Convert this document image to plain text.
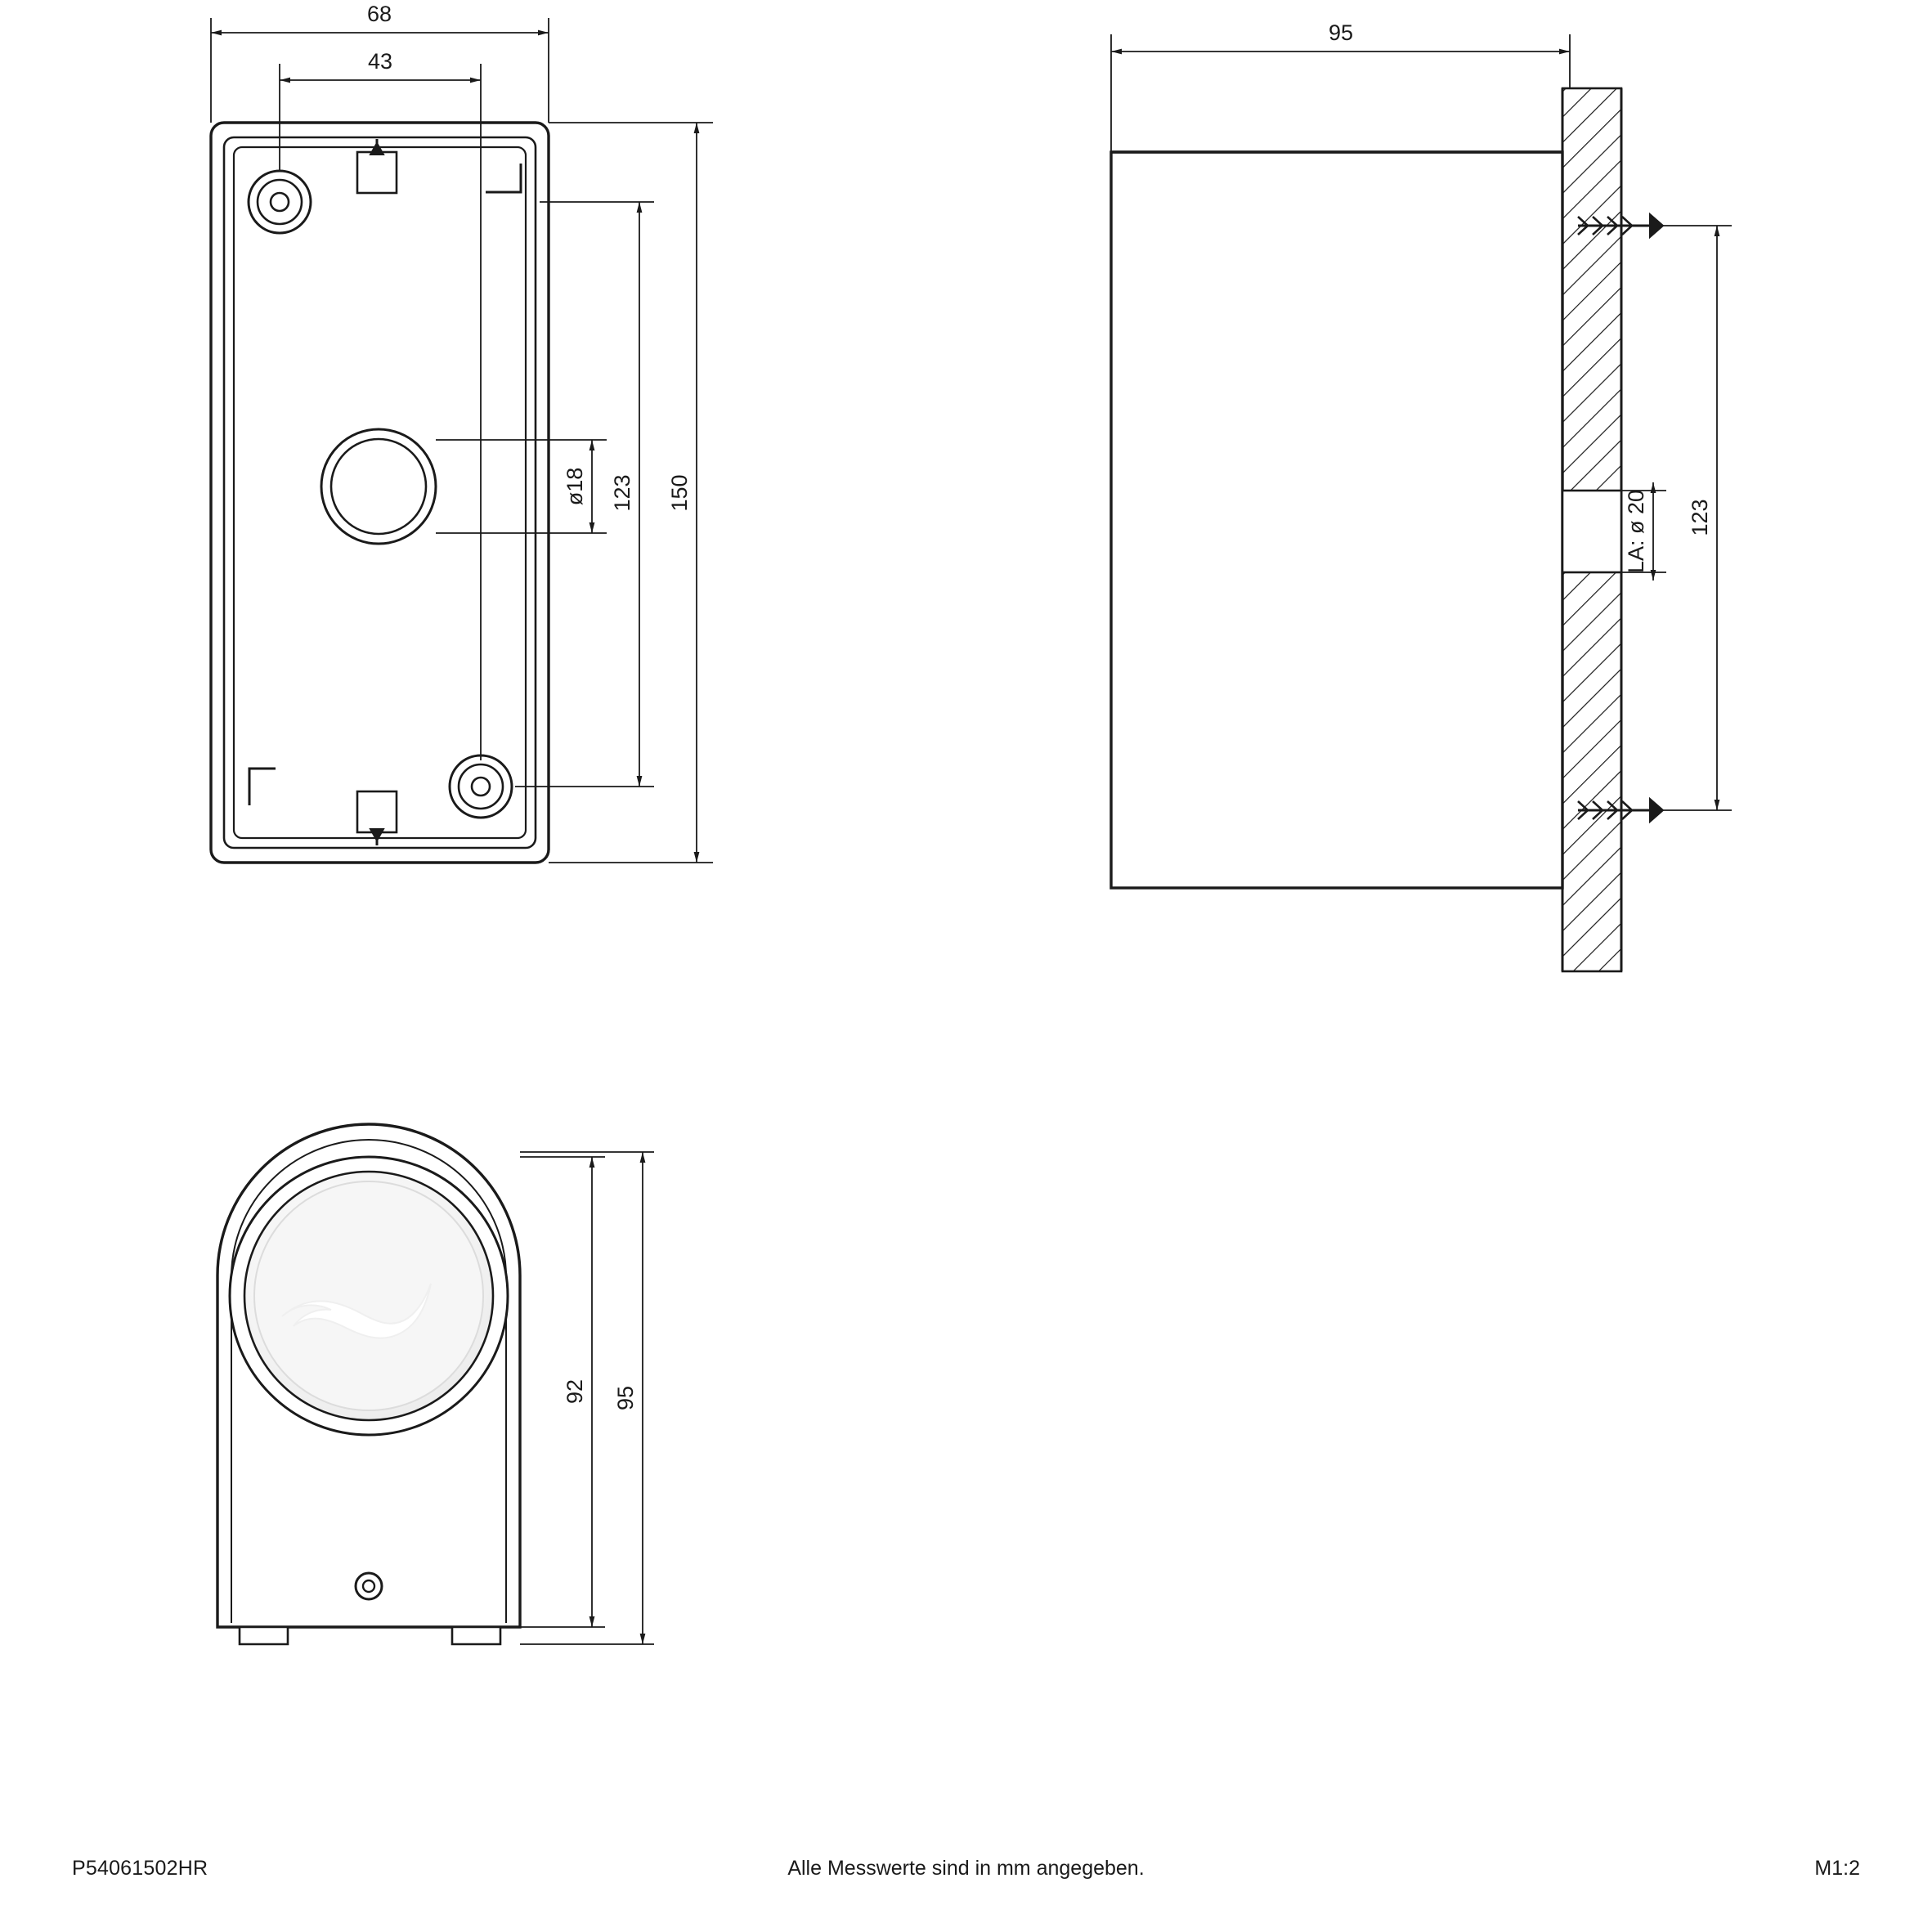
68
43
150
123
ø18
95
123
LA: ø 20
92 95
P54061502HR	Alle Messwerte sind in mm angegeben.	M1:2
